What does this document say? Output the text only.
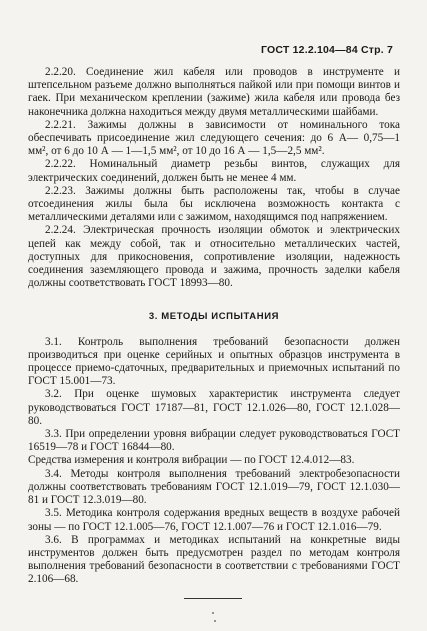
ГОСТ 12.2.104—84 Стр. 7

2.2.20. Соединение жил кабеля или проводов в инструменте и штепсельном разъеме должно выполняться пайкой или при помощи винтов и гаек. При механическом креплении (зажиме) жила кабеля или провода без наконечника должна находиться между двумя металлическими шайбами.

2.2.21. Зажимы должны в зависимости от номинального тока обеспечивать присоединение жил следующего сечения: до 6 А— 0,75—1 мм², от 6 до 10 А — 1—1,5 мм², от 10 до 16 А — 1,5—2,5 мм².

2.2.22. Номинальный диаметр резьбы винтов, служащих для электрических соединений, должен быть не менее 4 мм.

2.2.23. Зажимы должны быть расположены так, чтобы в случае отсоединения жилы была бы исключена возможность контакта с металлическими деталями или с зажимом, находящимся под напряжением.

2.2.24. Электрическая прочность изоляции обмоток и электрических цепей как между собой, так и относительно металлических частей, доступных для прикосновения, сопротивление изоляции, надежность соединения заземляющего провода и зажима, прочность заделки кабеля должны соответствовать ГОСТ 18993—80.

3. МЕТОДЫ ИСПЫТАНИЯ

3.1. Контроль выполнения требований безопасности должен производиться при оценке серийных и опытных образцов инструмента в процессе приемо-сдаточных, предварительных и приемочных испытаний по ГОСТ 15.001—73.

3.2. При оценке шумовых характеристик инструмента следует руководствоваться ГОСТ 17187—81, ГОСТ 12.1.026—80, ГОСТ 12.1.028—80.

3.3. При определении уровня вибрации следует руководствоваться ГОСТ 16519—78 и ГОСТ 16844—80.

Средства измерения и контроля вибрации — по ГОСТ 12.4.012—83.

3.4. Методы контроля выполнения требований электробезопасности должны соответствовать требованиям ГОСТ 12.1.019—79, ГОСТ 12.1.030—81 и ГОСТ 12.3.019—80.

3.5. Методика контроля содержания вредных веществ в воздухе рабочей зоны — по ГОСТ 12.1.005—76, ГОСТ 12.1.007—76 и ГОСТ 12.1.016—79.

3.6. В программах и методиках испытаний на конкретные виды инструментов должен быть предусмотрен раздел по методам контроля выполнения требований безопасности в соответствии с требованиями ГОСТ 2.106—68.
